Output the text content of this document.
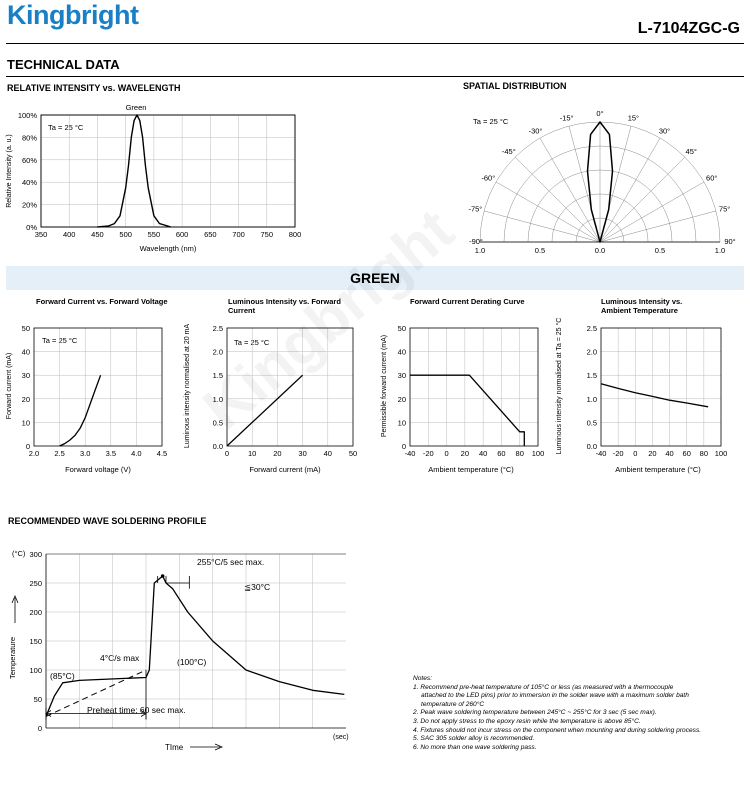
Kingbright	L-7104ZGC-G
TECHNICAL DATA
RELATIVE INTENSITY vs. WAVELENGTH	SPATIAL DISTRIBUTION
Green
Ta = 25 °C
Wavelength (nm)
Relative Intensity (a. u.)
350 400 450 500 550 600 650 700 750 800
0%
20%
40%
60%
80%
100%
Ta = 25 °C
-90°
-75°
-60°
-45°
-30°
-15°	0°	15°
30°
45°
60°
75°
90°
1.0	0.5	0.0	0.5	1.0
GREEN
Forward Current vs. Forward Voltage	Luminous Intensity vs. Forward Current
Forward Current Derating Curve	Luminous Intensity vs. Ambient Temperature
Ta = 25 °C	Ta = 25 °C
Forward voltage (V)	Forward current (mA)	Ambient temperature (°C)	Ambient temperature (°C)
Forward current (mA)	Luminous intensity normalised at 20 mA	Permissible forward current (mA)	Luminous intensity normalised at Ta = 25 °C
2.0 2.5 3.0 3.5 4.0 4.5
0
10
20
30
40
50
0	10 20 30 40 50
0.0
0.5
1.0
1.5
2.0
2.5
-40 -20 0 20 40 60 80 100
0
10
20
30
40
50
-40 -20 0 20 40 60 80 100
0.0
0.5
1.0
1.5
2.0
2.5
RECOMMENDED WAVE SOLDERING PROFILE
(°C)
Temperature
TIme
(sec)
255°C/5 sec max.
≦30°C
4°C/s max	(100°C)
(85°C)
Preheat time: 60 sec max.
0
50
100
150
200
250
300
Notes:
1. Recommend pre-heat temperature of 105°C or less (as measured with a thermocouple
attached to the LED pins) prior to immersion in the solder wave with a maximum solder bath
temperature of 260°C
2. Peak wave soldering temperature between 245°C ~ 255°C for 3 sec (5 sec max).
3. Do not apply stress to the epoxy resin while the temperature is above 85°C.
4. Fixtures should not incur stress on the component when mounting and during soldering process.
5. SAC 305 solder alloy is recommended.
6. No more than one wave soldering pass.
